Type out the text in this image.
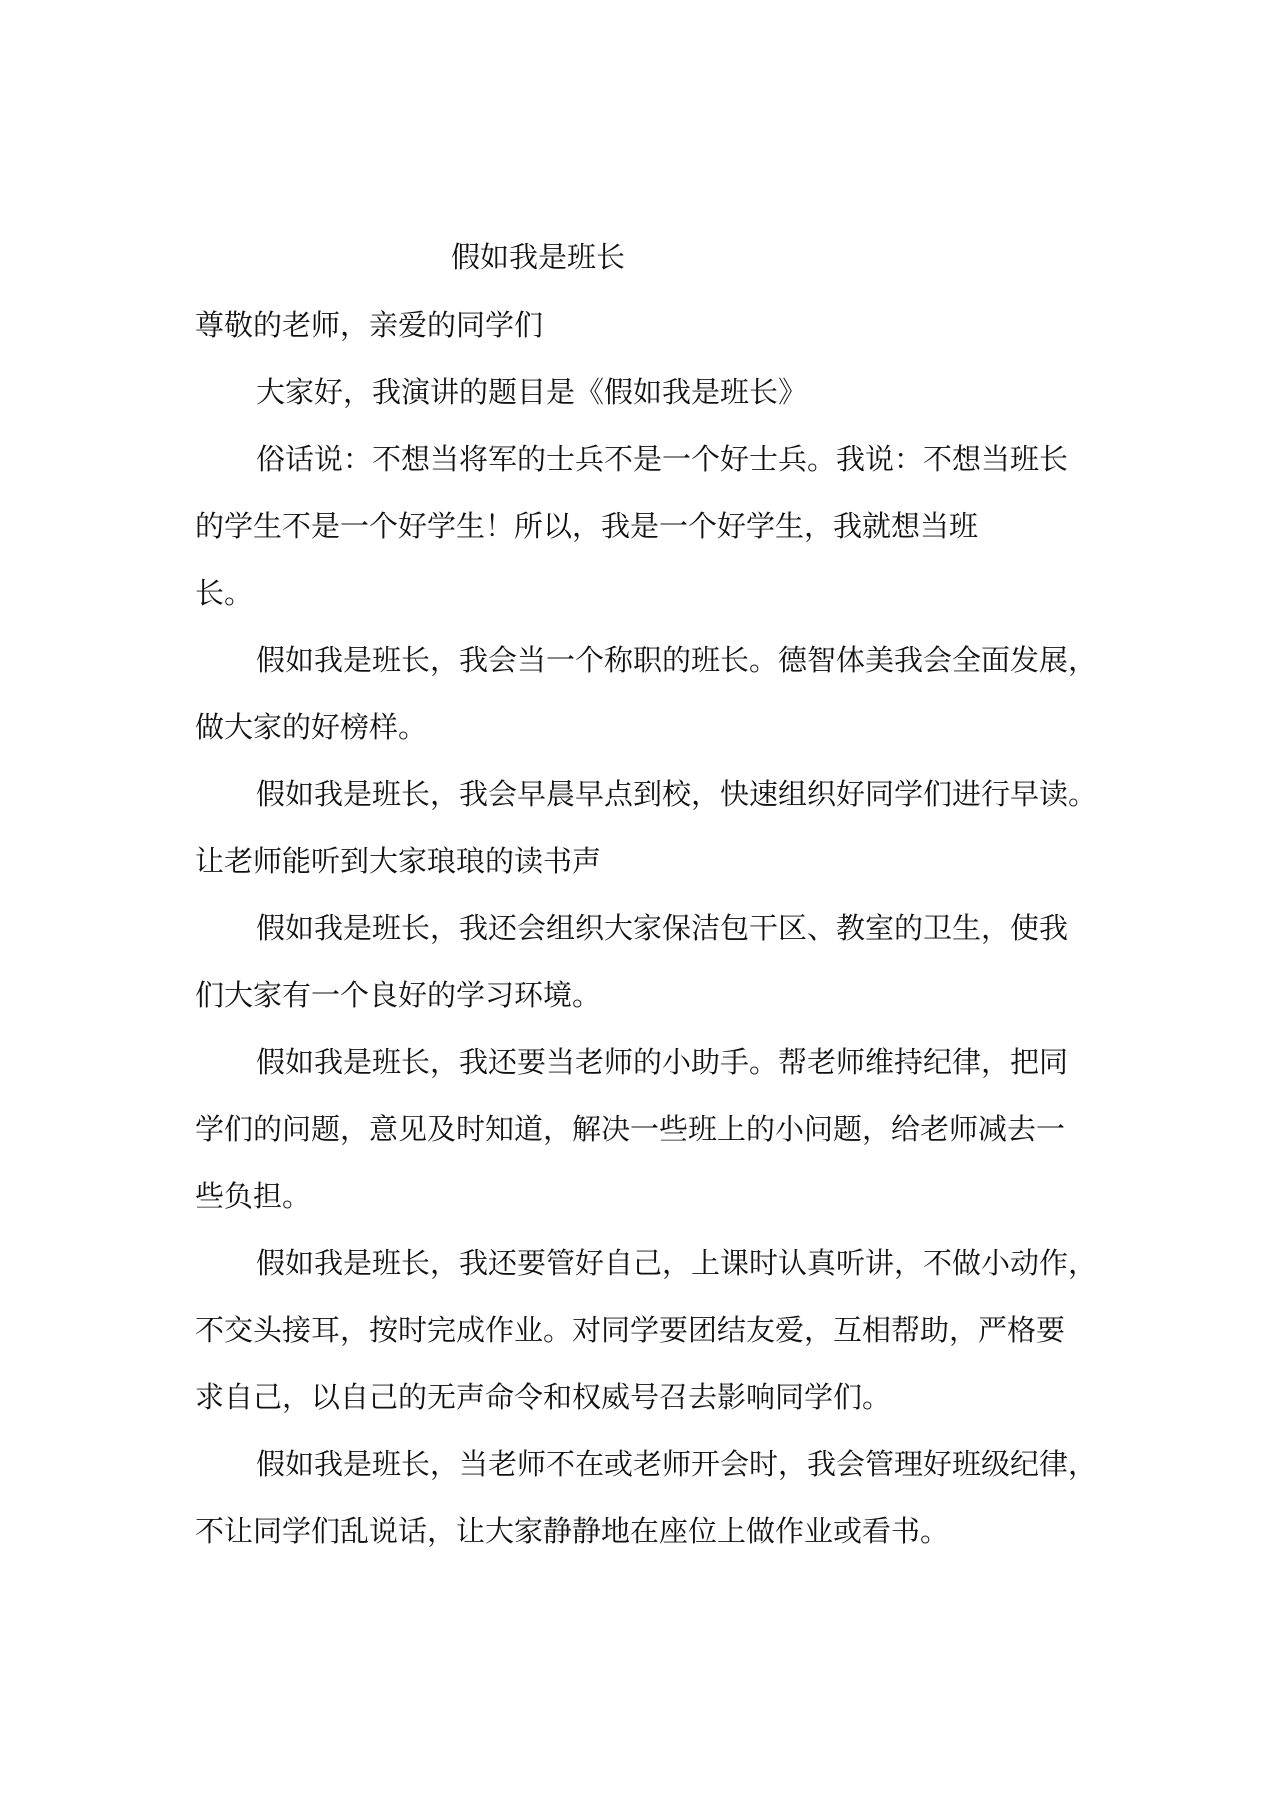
假如我是班长
尊敬的老师，亲爱的同学们
大家好，我演讲的题目是《假如我是班长》
俗话说：不想当将军的士兵不是一个好士兵。我说：不想当班长
的学生不是一个好学生！所以，我是一个好学生，我就想当班
长。
假如我是班长，我会当一个称职的班长。德智体美我会全面发展，
做大家的好榜样。
假如我是班长，我会早晨早点到校，快速组织好同学们进行早读。
让老师能听到大家琅琅的读书声
假如我是班长，我还会组织大家保洁包干区、教室的卫生，使我
们大家有一个良好的学习环境。
假如我是班长，我还要当老师的小助手。帮老师维持纪律，把同
学们的问题，意见及时知道，解决一些班上的小问题，给老师减去一
些负担。
假如我是班长，我还要管好自己，上课时认真听讲，不做小动作，
不交头接耳，按时完成作业。对同学要团结友爱，互相帮助，严格要
求自己，以自己的无声命令和权威号召去影响同学们。
假如我是班长，当老师不在或老师开会时，我会管理好班级纪律，
不让同学们乱说话，让大家静静地在座位上做作业或看书。
